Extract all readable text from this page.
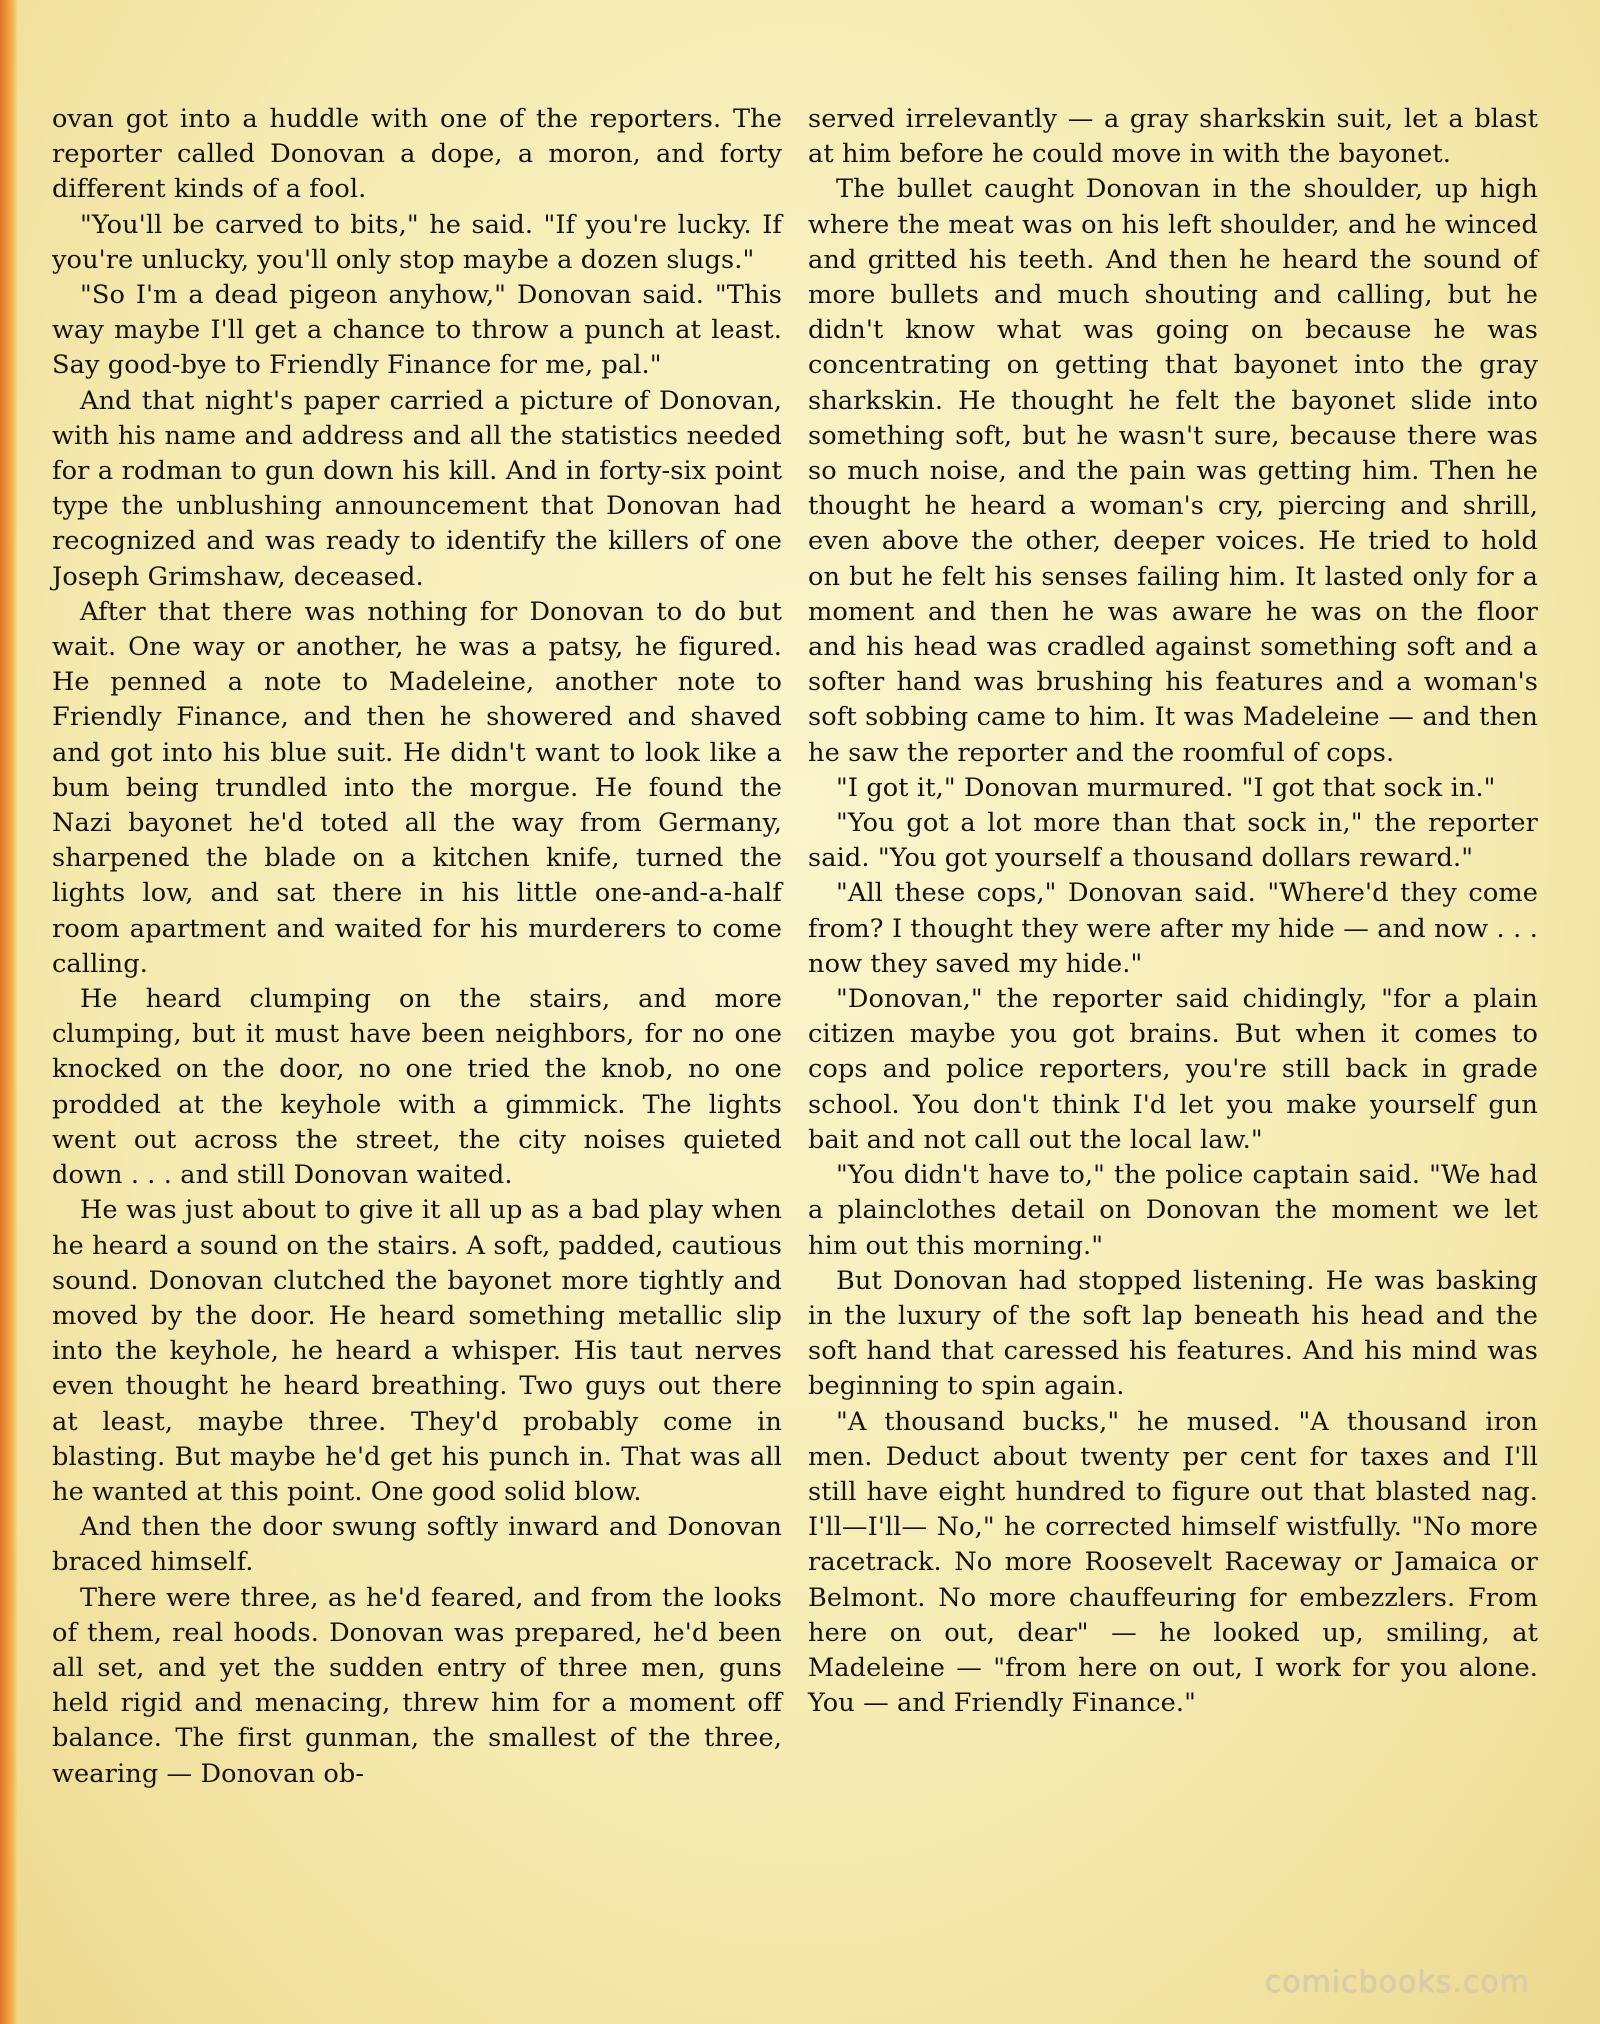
ovan got into a huddle with one of the reporters. The reporter called Donovan a dope, a moron, and forty different kinds of a fool.

"You'll be carved to bits," he said. "If you're lucky. If you're unlucky, you'll only stop maybe a dozen slugs."

"So I'm a dead pigeon anyhow," Donovan said. "This way maybe I'll get a chance to throw a punch at least. Say good-bye to Friendly Finance for me, pal."

And that night's paper carried a picture of Donovan, with his name and address and all the statistics needed for a rodman to gun down his kill. And in forty-six point type the unblushing announcement that Donovan had recognized and was ready to identify the killers of one Joseph Grimshaw, deceased.

After that there was nothing for Donovan to do but wait. One way or another, he was a patsy, he figured. He penned a note to Madeleine, another note to Friendly Finance, and then he showered and shaved and got into his blue suit. He didn't want to look like a bum being trundled into the morgue. He found the Nazi bayonet he'd toted all the way from Germany, sharpened the blade on a kitchen knife, turned the lights low, and sat there in his little one-and-a-half room apartment and waited for his murderers to come calling.

He heard clumping on the stairs, and more clumping, but it must have been neighbors, for no one knocked on the door, no one tried the knob, no one prodded at the keyhole with a gimmick. The lights went out across the street, the city noises quieted down . . . and still Donovan waited.

He was just about to give it all up as a bad play when he heard a sound on the stairs. A soft, padded, cautious sound. Donovan clutched the bayonet more tightly and moved by the door. He heard something metallic slip into the keyhole, he heard a whisper. His taut nerves even thought he heard breathing. Two guys out there at least, maybe three. They'd probably come in blasting. But maybe he'd get his punch in. That was all he wanted at this point. One good solid blow.

And then the door swung softly inward and Donovan braced himself.

There were three, as he'd feared, and from the looks of them, real hoods. Donovan was prepared, he'd been all set, and yet the sudden entry of three men, guns held rigid and menacing, threw him for a moment off balance. The first gunman, the smallest of the three, wearing — Donovan ob-

served irrelevantly — a gray sharkskin suit, let a blast at him before he could move in with the bayonet.

The bullet caught Donovan in the shoulder, up high where the meat was on his left shoulder, and he winced and gritted his teeth. And then he heard the sound of more bullets and much shouting and calling, but he didn't know what was going on because he was concentrating on getting that bayonet into the gray sharkskin. He thought he felt the bayonet slide into something soft, but he wasn't sure, because there was so much noise, and the pain was getting him. Then he thought he heard a woman's cry, piercing and shrill, even above the other, deeper voices. He tried to hold on but he felt his senses failing him. It lasted only for a moment and then he was aware he was on the floor and his head was cradled against something soft and a softer hand was brushing his features and a woman's soft sobbing came to him. It was Madeleine — and then he saw the reporter and the roomful of cops.

"I got it," Donovan murmured. "I got that sock in."

"You got a lot more than that sock in," the reporter said. "You got yourself a thousand dollars reward."

"All these cops," Donovan said. "Where'd they come from? I thought they were after my hide — and now . . . now they saved my hide."

"Donovan," the reporter said chidingly, "for a plain citizen maybe you got brains. But when it comes to cops and police reporters, you're still back in grade school. You don't think I'd let you make yourself gun bait and not call out the local law."

"You didn't have to," the police captain said. "We had a plainclothes detail on Donovan the moment we let him out this morning."

But Donovan had stopped listening. He was basking in the luxury of the soft lap beneath his head and the soft hand that caressed his features. And his mind was beginning to spin again.

"A thousand bucks," he mused. "A thousand iron men. Deduct about twenty per cent for taxes and I'll still have eight hundred to figure out that blasted nag. I'll—I'll— No," he corrected himself wistfully. "No more racetrack. No more Roosevelt Raceway or Jamaica or Belmont. No more chauffeuring for embezzlers. From here on out, dear" — he looked up, smiling, at Madeleine — "from here on out, I work for you alone. You — and Friendly Finance."

comicbooks.com
